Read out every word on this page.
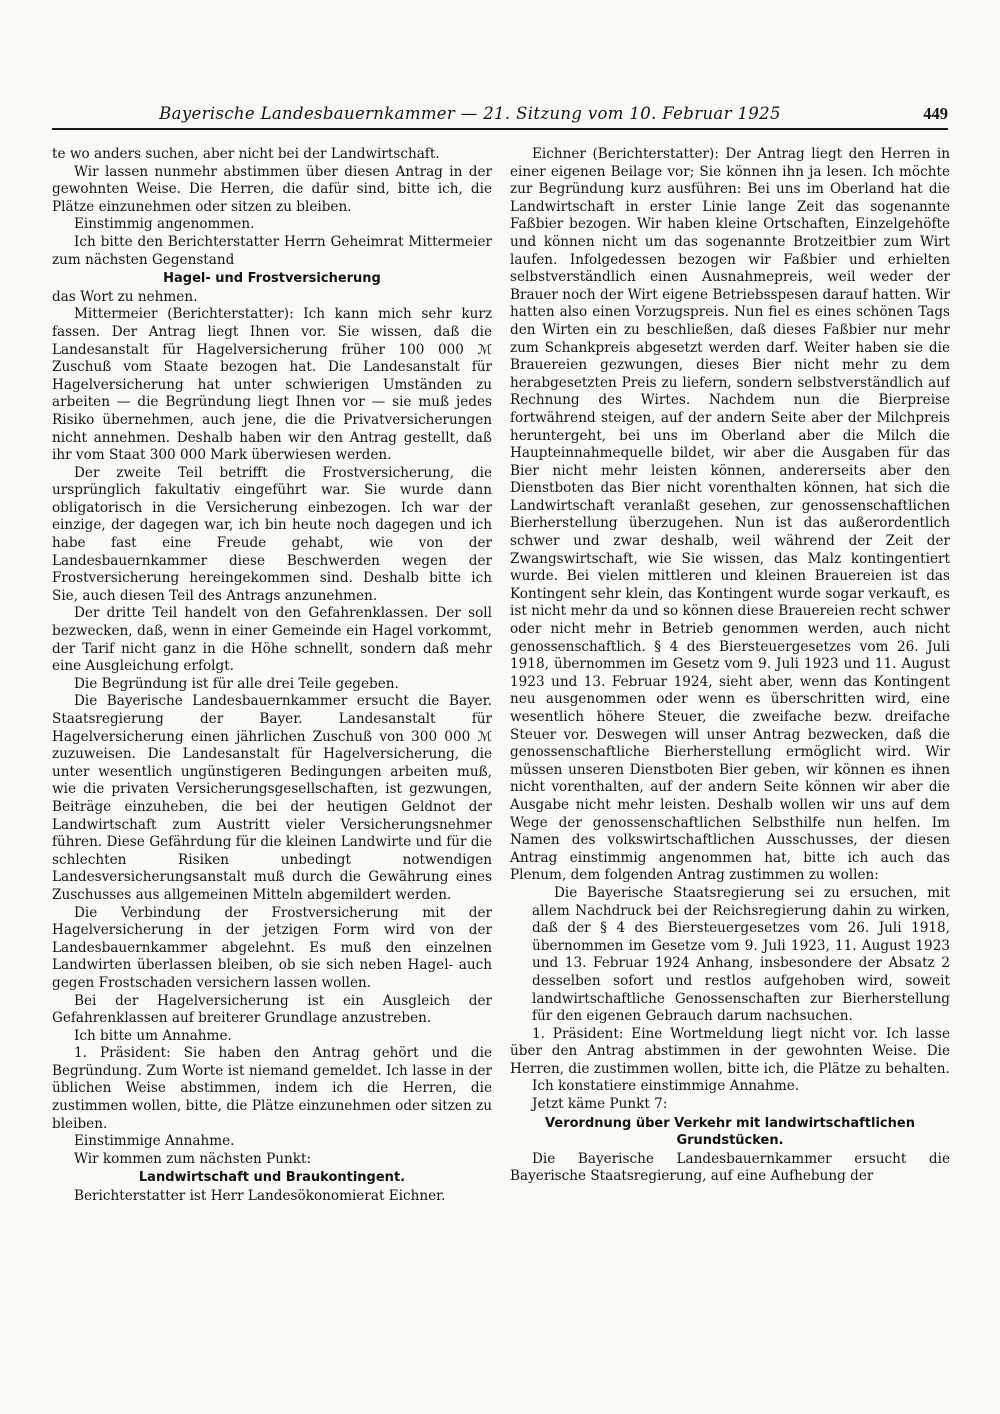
Bayerische Landesbauernkammer — 21. Sitzung vom 10. Februar 1925	449

te wo anders suchen, aber nicht bei der Landwirtschaft.

Wir lassen nunmehr abstimmen über diesen Antrag in der gewohnten Weise. Die Herren, die dafür sind, bitte ich, die Plätze einzunehmen oder sitzen zu bleiben.

Einstimmig angenommen.

Ich bitte den Berichterstatter Herrn Geheimrat Mittermeier zum nächsten Gegenstand

Hagel- und Frostversicherung

das Wort zu nehmen.

Mittermeier (Berichterstatter): Ich kann mich sehr kurz fassen. Der Antrag liegt Ihnen vor. Sie wissen, daß die Landesanstalt für Hagelversicherung früher 100 000 ℳ Zuschuß vom Staate bezogen hat. Die Landesanstalt für Hagelversicherung hat unter schwierigen Umständen zu arbeiten — die Begründung liegt Ihnen vor — sie muß jedes Risiko übernehmen, auch jene, die die Privatversicherungen nicht annehmen. Deshalb haben wir den Antrag gestellt, daß ihr vom Staat 300 000 Mark überwiesen werden.

Der zweite Teil betrifft die Frostversicherung, die ursprünglich fakultativ eingeführt war. Sie wurde dann obligatorisch in die Versicherung einbezogen. Ich war der einzige, der dagegen war, ich bin heute noch dagegen und ich habe fast eine Freude gehabt, wie von der Landesbauernkammer diese Beschwerden wegen der Frostversicherung hereingekommen sind. Deshalb bitte ich Sie, auch diesen Teil des Antrags anzunehmen.

Der dritte Teil handelt von den Gefahrenklassen. Der soll bezwecken, daß, wenn in einer Gemeinde ein Hagel vorkommt, der Tarif nicht ganz in die Höhe schnellt, sondern daß mehr eine Ausgleichung erfolgt.

Die Begründung ist für alle drei Teile gegeben.

Die Bayerische Landesbauernkammer ersucht die Bayer. Staatsregierung der Bayer. Landesanstalt für Hagelversicherung einen jährlichen Zuschuß von 300 000 ℳ zuzuweisen. Die Landesanstalt für Hagelversicherung, die unter wesentlich ungünstigeren Bedingungen arbeiten muß, wie die privaten Versicherungsgesellschaften, ist gezwungen, Beiträge einzuheben, die bei der heutigen Geldnot der Landwirtschaft zum Austritt vieler Versicherungsnehmer führen. Diese Gefährdung für die kleinen Landwirte und für die schlechten Risiken unbedingt notwendigen Landesversicherungsanstalt muß durch die Gewährung eines Zuschusses aus allgemeinen Mitteln abgemildert werden.

Die Verbindung der Frostversicherung mit der Hagelversicherung in der jetzigen Form wird von der Landesbauernkammer abgelehnt. Es muß den einzelnen Landwirten überlassen bleiben, ob sie sich neben Hagel- auch gegen Frostschaden versichern lassen wollen.

Bei der Hagelversicherung ist ein Ausgleich der Gefahrenklassen auf breiterer Grundlage anzustreben.

Ich bitte um Annahme.

1. Präsident: Sie haben den Antrag gehört und die Begründung. Zum Worte ist niemand gemeldet. Ich lasse in der üblichen Weise abstimmen, indem ich die Herren, die zustimmen wollen, bitte, die Plätze einzunehmen oder sitzen zu bleiben.

Einstimmige Annahme.

Wir kommen zum nächsten Punkt:

Landwirtschaft und Braukontingent.

Berichterstatter ist Herr Landesökonomierat Eichner.

Eichner (Berichterstatter): Der Antrag liegt den Herren in einer eigenen Beilage vor; Sie können ihn ja lesen. Ich möchte zur Begründung kurz ausführen: Bei uns im Oberland hat die Landwirtschaft in erster Linie lange Zeit das sogenannte Faßbier bezogen. Wir haben kleine Ortschaften, Einzelgehöfte und können nicht um das sogenannte Brotzeitbier zum Wirt laufen. Infolgedessen bezogen wir Faßbier und erhielten selbstverständlich einen Ausnahmepreis, weil weder der Brauer noch der Wirt eigene Betriebsspesen darauf hatten. Wir hatten also einen Vorzugspreis. Nun fiel es eines schönen Tags den Wirten ein zu beschließen, daß dieses Faßbier nur mehr zum Schankpreis abgesetzt werden darf. Weiter haben sie die Brauereien gezwungen, dieses Bier nicht mehr zu dem herabgesetzten Preis zu liefern, sondern selbstverständlich auf Rechnung des Wirtes. Nachdem nun die Bierpreise fortwährend steigen, auf der andern Seite aber der Milchpreis heruntergeht, bei uns im Oberland aber die Milch die Haupteinnahmequelle bildet, wir aber die Ausgaben für das Bier nicht mehr leisten können, andererseits aber den Dienstboten das Bier nicht vorenthalten können, hat sich die Landwirtschaft veranlaßt gesehen, zur genossenschaftlichen Bierherstellung überzugehen. Nun ist das außerordentlich schwer und zwar deshalb, weil während der Zeit der Zwangswirtschaft, wie Sie wissen, das Malz kontingentiert wurde. Bei vielen mittleren und kleinen Brauereien ist das Kontingent sehr klein, das Kontingent wurde sogar verkauft, es ist nicht mehr da und so können diese Brauereien recht schwer oder nicht mehr in Betrieb genommen werden, auch nicht genossenschaftlich. § 4 des Biersteuergesetzes vom 26. Juli 1918, übernommen im Gesetz vom 9. Juli 1923 und 11. August 1923 und 13. Februar 1924, sieht aber, wenn das Kontingent neu ausgenommen oder wenn es überschritten wird, eine wesentlich höhere Steuer, die zweifache bezw. dreifache Steuer vor. Deswegen will unser Antrag bezwecken, daß die genossenschaftliche Bierherstellung ermöglicht wird. Wir müssen unseren Dienstboten Bier geben, wir können es ihnen nicht vorenthalten, auf der andern Seite können wir aber die Ausgabe nicht mehr leisten. Deshalb wollen wir uns auf dem Wege der genossenschaftlichen Selbsthilfe nun helfen. Im Namen des volkswirtschaftlichen Ausschusses, der diesen Antrag einstimmig angenommen hat, bitte ich auch das Plenum, dem folgenden Antrag zustimmen zu wollen:

Die Bayerische Staatsregierung sei zu ersuchen, mit allem Nachdruck bei der Reichsregierung dahin zu wirken, daß der § 4 des Biersteuergesetzes vom 26. Juli 1918, übernommen im Gesetze vom 9. Juli 1923, 11. August 1923 und 13. Februar 1924 Anhang, insbesondere der Absatz 2 desselben sofort und restlos aufgehoben wird, soweit landwirtschaftliche Genossenschaften zur Bierherstellung für den eigenen Gebrauch darum nachsuchen.

1. Präsident: Eine Wortmeldung liegt nicht vor. Ich lasse über den Antrag abstimmen in der gewohnten Weise. Die Herren, die zustimmen wollen, bitte ich, die Plätze zu behalten.

Ich konstatiere einstimmige Annahme.

Jetzt käme Punkt 7:

Verordnung über Verkehr mit landwirtschaftlichen Grundstücken.

Die Bayerische Landesbauernkammer ersucht die Bayerische Staatsregierung, auf eine Aufhebung der
